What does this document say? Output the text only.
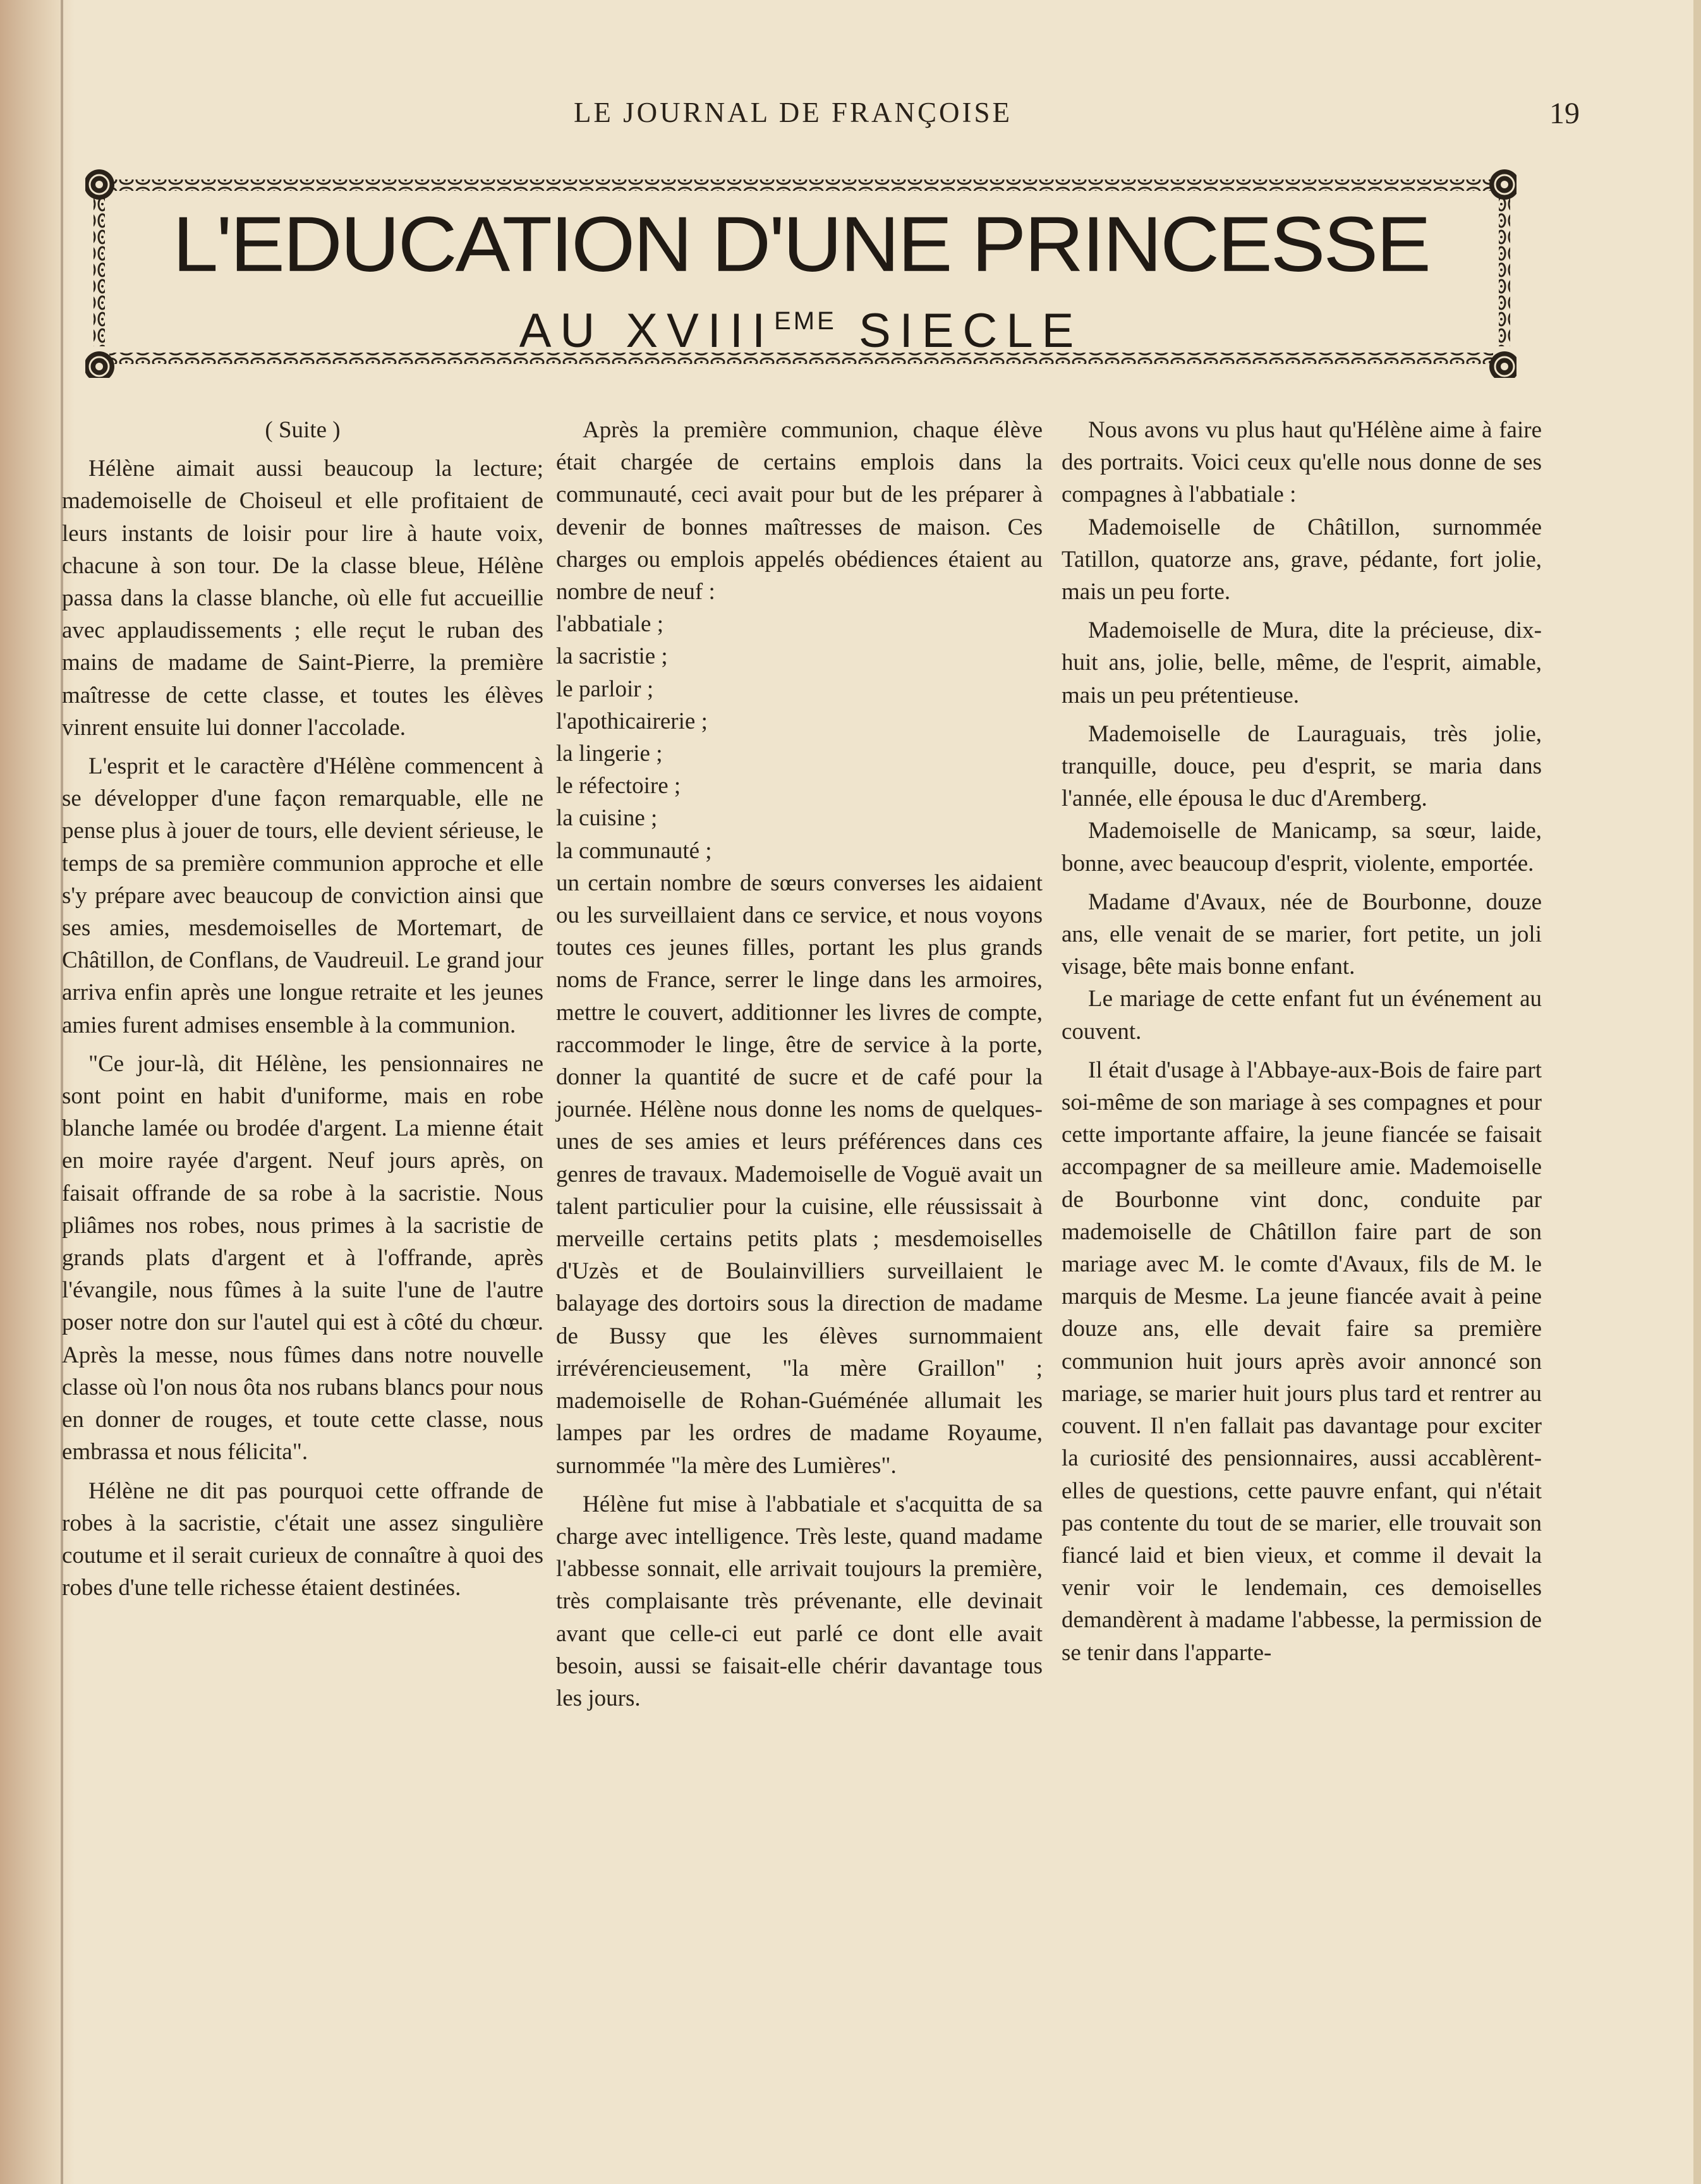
LE JOURNAL DE FRANÇOISE	19
L'EDUCATION D'UNE PRINCESSE
AU XVIIIEME SIECLE

( Suite )

Hélène aimait aussi beaucoup la lecture; mademoiselle de Choiseul et elle profitaient de leurs instants de loisir pour lire à haute voix, chacune à son tour. De la classe bleue, Hélène passa dans la classe blanche, où elle fut accueillie avec applaudissements ; elle reçut le ruban des mains de madame de Saint-Pierre, la première maîtresse de cette classe, et toutes les élèves vinrent ensuite lui donner l'accolade.

L'esprit et le caractère d'Hélène commencent à se développer d'une façon remarquable, elle ne pense plus à jouer de tours, elle devient sérieuse, le temps de sa première communion approche et elle s'y prépare avec beaucoup de conviction ainsi que ses amies, mesdemoiselles de Mortemart, de Châtillon, de Conflans, de Vaudreuil. Le grand jour arriva enfin après une longue retraite et les jeunes amies furent admises ensemble à la communion.

"Ce jour-là, dit Hélène, les pensionnaires ne sont point en habit d'uniforme, mais en robe blanche lamée ou brodée d'argent. La mienne était en moire rayée d'argent. Neuf jours après, on faisait offrande de sa robe à la sacristie. Nous pliâmes nos robes, nous primes à la sacristie de grands plats d'argent et à l'offrande, après l'évangile, nous fûmes à la suite l'une de l'autre poser notre don sur l'autel qui est à côté du chœur. Après la messe, nous fûmes dans notre nouvelle classe où l'on nous ôta nos rubans blancs pour nous en donner de rouges, et toute cette classe, nous embrassa et nous félicita".

Hélène ne dit pas pourquoi cette offrande de robes à la sacristie, c'était une assez singulière coutume et il serait curieux de connaître à quoi des robes d'une telle richesse étaient destinées.

Après la première communion, chaque élève était chargée de certains emplois dans la communauté, ceci avait pour but de les préparer à devenir de bonnes maîtresses de maison. Ces charges ou emplois appelés obédiences étaient au nombre de neuf :

l'abbatiale ;

la sacristie ;

le parloir ;

l'apothicairerie ;

la lingerie ;

le réfectoire ;

la cuisine ;

la communauté ;

un certain nombre de sœurs converses les aidaient ou les surveillaient dans ce service, et nous voyons toutes ces jeunes filles, portant les plus grands noms de France, serrer le linge dans les armoires, mettre le couvert, additionner les livres de compte, raccommoder le linge, être de service à la porte, donner la quantité de sucre et de café pour la journée. Hélène nous donne les noms de quelques-unes de ses amies et leurs préférences dans ces genres de travaux. Mademoiselle de Voguë avait un talent particulier pour la cuisine, elle réussissait à merveille certains petits plats ; mesdemoiselles d'Uzès et de Boulainvilliers surveillaient le balayage des dortoirs sous la direction de madame de Bussy que les élèves surnommaient irrévérencieusement, "la mère Graillon" ; mademoiselle de Rohan-Guéménée allumait les lampes par les ordres de madame Royaume, surnommée "la mère des Lumières".

Hélène fut mise à l'abbatiale et s'acquitta de sa charge avec intelligence. Très leste, quand madame l'abbesse sonnait, elle arrivait toujours la première, très complaisante très prévenante, elle devinait avant que celle-ci eut parlé ce dont elle avait besoin, aussi se faisait-elle chérir davantage tous les jours.

Nous avons vu plus haut qu'Hélène aime à faire des portraits. Voici ceux qu'elle nous donne de ses compagnes à l'abbatiale :

Mademoiselle de Châtillon, surnommée Tatillon, quatorze ans, grave, pédante, fort jolie, mais un peu forte.

Mademoiselle de Mura, dite la précieuse, dix-huit ans, jolie, belle, même, de l'esprit, aimable, mais un peu prétentieuse.

Mademoiselle de Lauraguais, très jolie, tranquille, douce, peu d'esprit, se maria dans l'année, elle épousa le duc d'Aremberg.

Mademoiselle de Manicamp, sa sœur, laide, bonne, avec beaucoup d'esprit, violente, emportée.

Madame d'Avaux, née de Bourbonne, douze ans, elle venait de se marier, fort petite, un joli visage, bête mais bonne enfant.

Le mariage de cette enfant fut un événement au couvent.

Il était d'usage à l'Abbaye-aux-Bois de faire part soi-même de son mariage à ses compagnes et pour cette importante affaire, la jeune fiancée se faisait accompagner de sa meilleure amie. Mademoiselle de Bourbonne vint donc, conduite par mademoiselle de Châtillon faire part de son mariage avec M. le comte d'Avaux, fils de M. le marquis de Mesme. La jeune fiancée avait à peine douze ans, elle devait faire sa première communion huit jours après avoir annoncé son mariage, se marier huit jours plus tard et rentrer au couvent. Il n'en fallait pas davantage pour exciter la curiosité des pensionnaires, aussi accablèrent-elles de questions, cette pauvre enfant, qui n'était pas contente du tout de se marier, elle trouvait son fiancé laid et bien vieux, et comme il devait la venir voir le lendemain, ces demoiselles demandèrent à madame l'abbesse, la permission de se tenir dans l'apparte-
